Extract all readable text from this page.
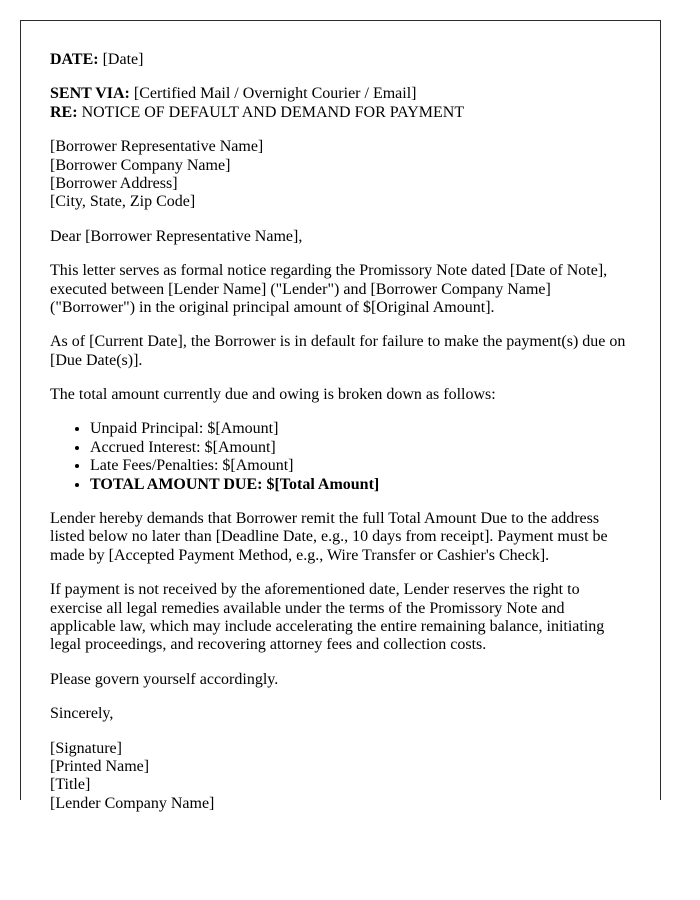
DATE: [Date]

SENT VIA: [Certified Mail / Overnight Courier / Email]
RE: NOTICE OF DEFAULT AND DEMAND FOR PAYMENT

[Borrower Representative Name]
[Borrower Company Name]
[Borrower Address]
[City, State, Zip Code]

Dear [Borrower Representative Name],

This letter serves as formal notice regarding the Promissory Note dated [Date of Note], executed between [Lender Name] ("Lender") and [Borrower Company Name] ("Borrower") in the original principal amount of $[Original Amount].

As of [Current Date], the Borrower is in default for failure to make the payment(s) due on [Due Date(s)].

The total amount currently due and owing is broken down as follows:

• Unpaid Principal: $[Amount]
• Accrued Interest: $[Amount]
• Late Fees/Penalties: $[Amount]
• TOTAL AMOUNT DUE: $[Total Amount]

Lender hereby demands that Borrower remit the full Total Amount Due to the address listed below no later than [Deadline Date, e.g., 10 days from receipt]. Payment must be made by [Accepted Payment Method, e.g., Wire Transfer or Cashier's Check].

If payment is not received by the aforementioned date, Lender reserves the right to exercise all legal remedies available under the terms of the Promissory Note and applicable law, which may include accelerating the entire remaining balance, initiating legal proceedings, and recovering attorney fees and collection costs.

Please govern yourself accordingly.

Sincerely,

[Signature]
[Printed Name]
[Title]
[Lender Company Name]
